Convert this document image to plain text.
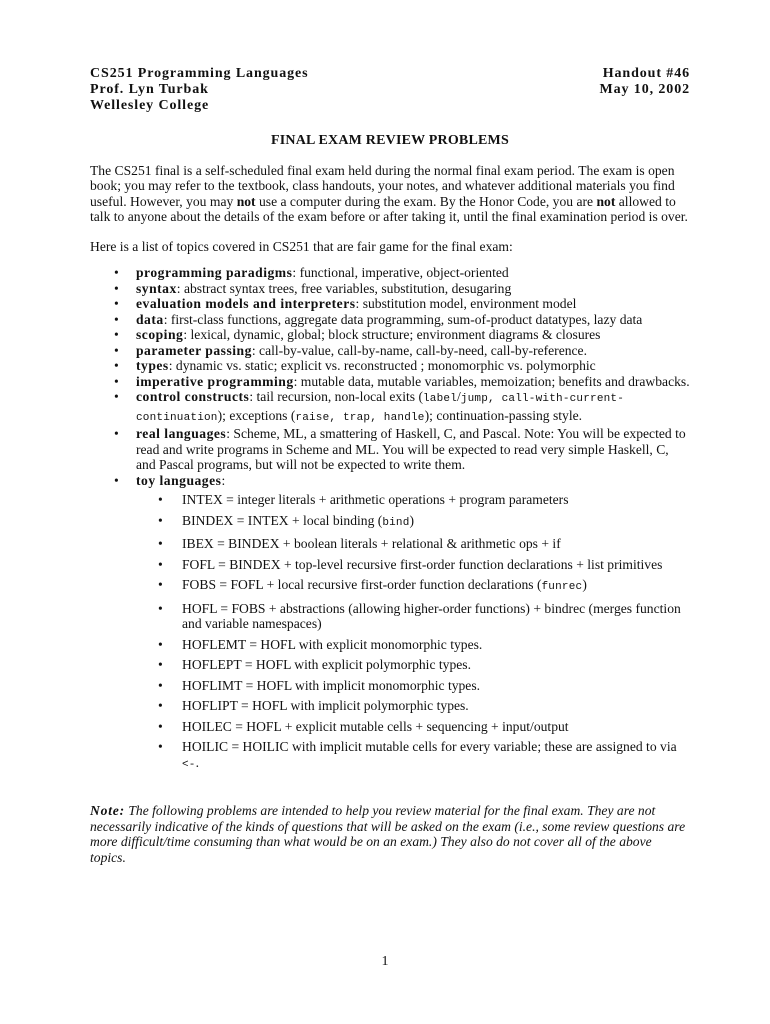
CS251 Programming Languages
Prof. Lyn Turbak
Wellesley College
Handout #46
May 10, 2002
FINAL EXAM REVIEW PROBLEMS

The CS251 final is a self-scheduled final exam held during the normal final exam period. The exam is open book; you may refer to the textbook, class handouts, your notes, and whatever additional materials you find useful. However, you may not use a computer during the exam. By the Honor Code, you are not allowed to talk to anyone about the details of the exam before or after taking it, until the final examination period is over.

Here is a list of topics covered in CS251 that are fair game for the final exam:

• programming paradigms: functional, imperative, object-oriented
• syntax: abstract syntax trees, free variables, substitution, desugaring
• evaluation models and interpreters: substitution model, environment model
• data: first-class functions, aggregate data programming, sum-of-product datatypes, lazy data
• scoping: lexical, dynamic, global; block structure; environment diagrams & closures
• parameter passing: call-by-value, call-by-name, call-by-need, call-by-reference.
• types: dynamic vs. static; explicit vs. reconstructed ; monomorphic vs. polymorphic
• imperative programming: mutable data, mutable variables, memoization; benefits and drawbacks.
• control constructs: tail recursion, non-local exits (label/jump, call-with-current-continuation); exceptions (raise, trap, handle); continuation-passing style.
• real languages: Scheme, ML, a smattering of Haskell, C, and Pascal. Note: You will be expected to read and write programs in Scheme and ML. You will be expected to read very simple Haskell, C, and Pascal programs, but will not be expected to write them.
• toy languages:
• INTEX = integer literals + arithmetic operations + program parameters
• BINDEX = INTEX + local binding (bind)
• IBEX = BINDEX + boolean literals + relational & arithmetic ops + if
• FOFL = BINDEX + top-level recursive first-order function declarations + list primitives
• FOBS = FOFL + local recursive first-order function declarations (funrec)
• HOFL = FOBS + abstractions (allowing higher-order functions) + bindrec (merges function and variable namespaces)
• HOFLEMT = HOFL with explicit monomorphic types.
• HOFLEPT = HOFL with explicit polymorphic types.
• HOFLIMT = HOFL with implicit monomorphic types.
• HOFLIPT = HOFL with implicit polymorphic types.
• HOILEC = HOFL + explicit mutable cells + sequencing + input/output
• HOILIC = HOILIC with implicit mutable cells for every variable; these are assigned to via <-.

Note: The following problems are intended to help you review material for the final exam. They are not necessarily indicative of the kinds of questions that will be asked on the exam (i.e., some review questions are more difficult/time consuming than what would be on an exam.) They also do not cover all of the above topics.

1
